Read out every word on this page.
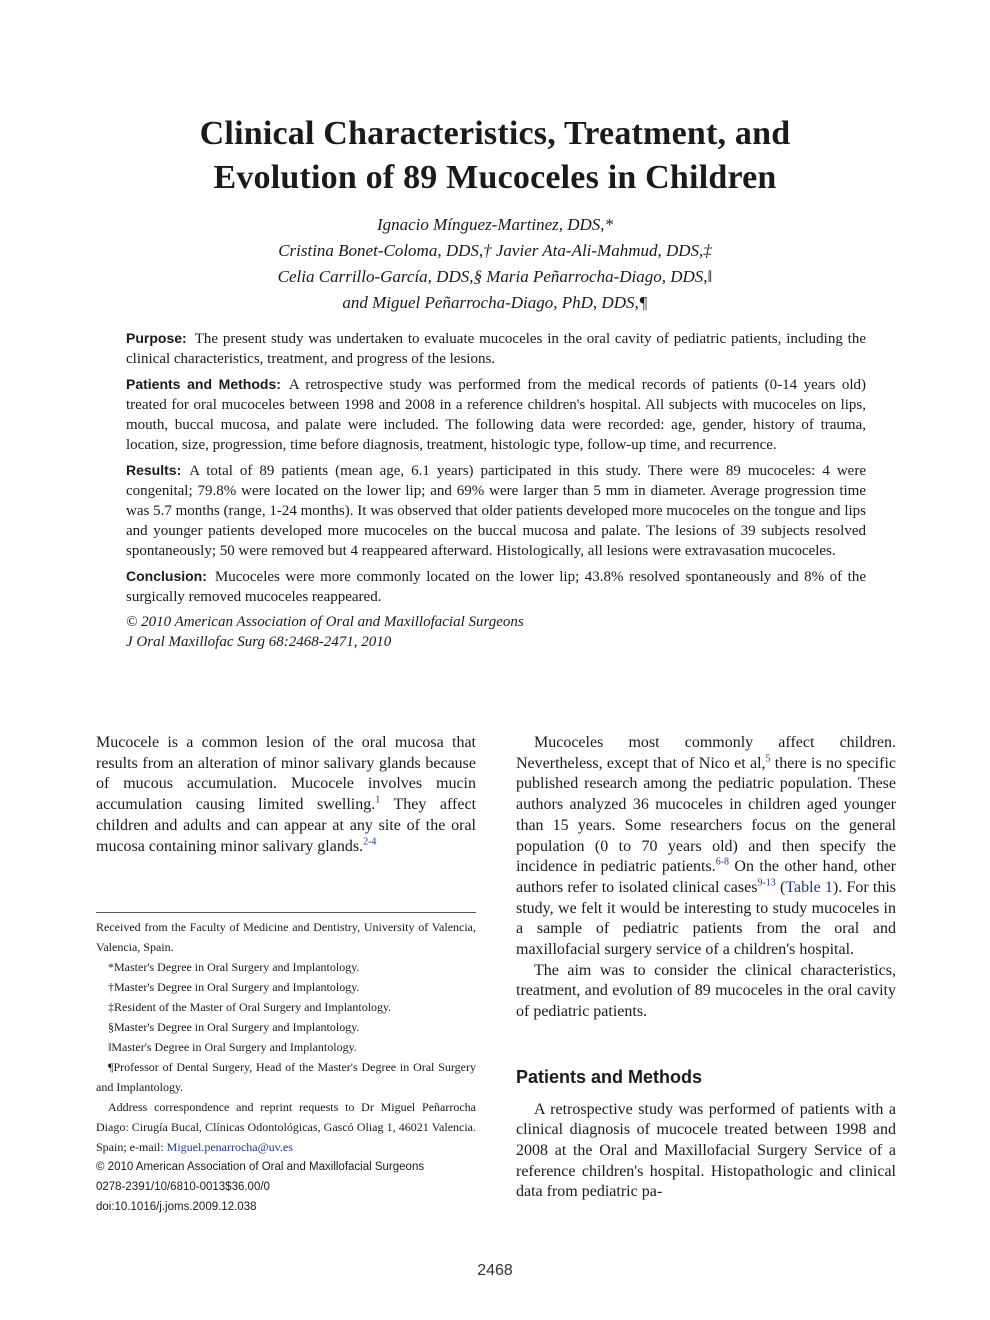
Clinical Characteristics, Treatment, and
Evolution of 89 Mucoceles in Children
Ignacio Mínguez-Martinez, DDS,*
Cristina Bonet-Coloma, DDS,† Javier Ata-Ali-Mahmud, DDS,‡
Celia Carrillo-García, DDS,§ Maria Peñarrocha-Diago, DDS,‖
and Miguel Peñarrocha-Diago, PhD, DDS,¶

Purpose: The present study was undertaken to evaluate mucoceles in the oral cavity of pediatric patients, including the clinical characteristics, treatment, and progress of the lesions.

Patients and Methods: A retrospective study was performed from the medical records of patients (0-14 years old) treated for oral mucoceles between 1998 and 2008 in a reference children's hospital. All subjects with mucoceles on lips, mouth, buccal mucosa, and palate were included. The following data were recorded: age, gender, history of trauma, location, size, progression, time before diagnosis, treatment, histologic type, follow-up time, and recurrence.

Results: A total of 89 patients (mean age, 6.1 years) participated in this study. There were 89 mucoceles: 4 were congenital; 79.8% were located on the lower lip; and 69% were larger than 5 mm in diameter. Average progression time was 5.7 months (range, 1-24 months). It was observed that older patients developed more mucoceles on the tongue and lips and younger patients developed more mucoceles on the buccal mucosa and palate. The lesions of 39 subjects resolved spontaneously; 50 were removed but 4 reappeared afterward. Histologically, all lesions were extravasation mucoceles.

Conclusion: Mucoceles were more commonly located on the lower lip; 43.8% resolved spontaneously and 8% of the surgically removed mucoceles reappeared.

© 2010 American Association of Oral and Maxillofacial Surgeons

J Oral Maxillofac Surg 68:2468-2471, 2010

Mucocele is a common lesion of the oral mucosa that results from an alteration of minor salivary glands because of mucous accumulation. Mucocele involves mucin accumulation causing limited swelling.$^1$ They affect children and adults and can appear at any site of the oral mucosa containing minor salivary glands.$^{2-4}$

Received from the Faculty of Medicine and Dentistry, University of Valencia, Valencia, Spain.

*Master's Degree in Oral Surgery and Implantology.

†Master's Degree in Oral Surgery and Implantology.

‡Resident of the Master of Oral Surgery and Implantology.

§Master's Degree in Oral Surgery and Implantology.

‖Master's Degree in Oral Surgery and Implantology.

¶Professor of Dental Surgery, Head of the Master's Degree in Oral Surgery and Implantology.

Address correspondence and reprint requests to Dr Miguel Peñarrocha Diago: Cirugía Bucal, Clínicas Odontológicas, Gascó Oliag 1, 46021 Valencia. Spain; e-mail: Miguel.penarrocha@uv.es

© 2010 American Association of Oral and Maxillofacial Surgeons

0278-2391/10/6810-0013$36.00/0

doi:10.1016/j.joms.2009.12.038

Mucoceles most commonly affect children. Nevertheless, except that of Nico et al,$^5$ there is no specific published research among the pediatric population. These authors analyzed 36 mucoceles in children aged younger than 15 years. Some researchers focus on the general population (0 to 70 years old) and then specify the incidence in pediatric patients.$^{6-8}$ On the other hand, other authors refer to isolated clinical cases$^{9-13}$ (Table 1). For this study, we felt it would be interesting to study mucoceles in a sample of pediatric patients from the oral and maxillofacial surgery service of a children's hospital.

The aim was to consider the clinical characteristics, treatment, and evolution of 89 mucoceles in the oral cavity of pediatric patients.

Patients and Methods

A retrospective study was performed of patients with a clinical diagnosis of mucocele treated between 1998 and 2008 at the Oral and Maxillofacial Surgery Service of a reference children's hospital. Histopathologic and clinical data from pediatric pa-

2468
